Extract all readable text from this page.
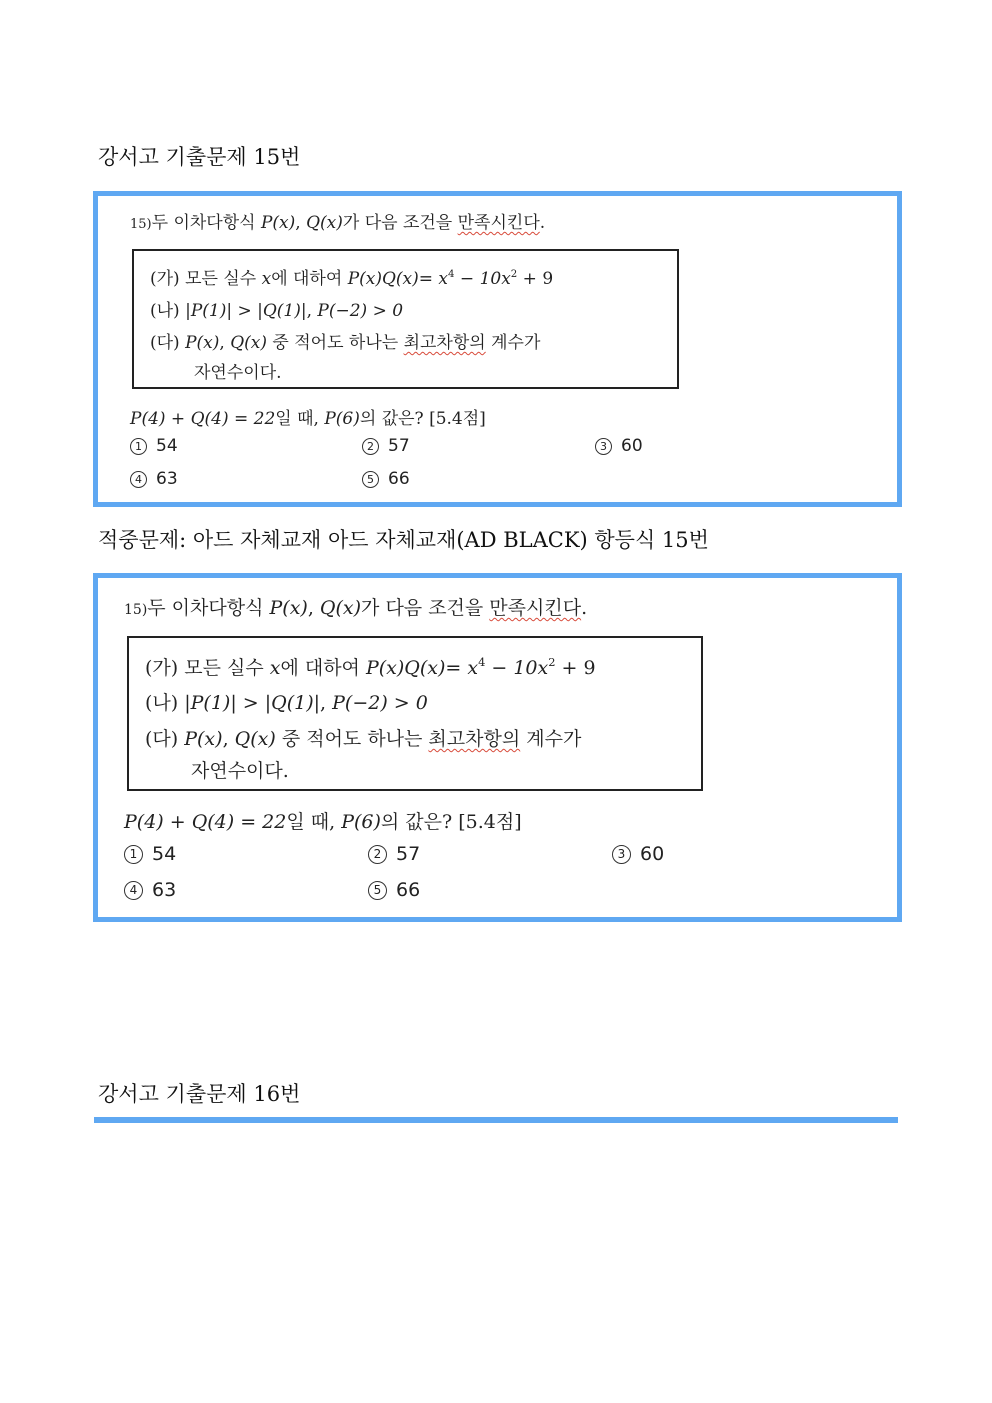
강서고 기출문제 15번
15)두 이차다항식 P(x), Q(x)가 다음 조건을 만족시킨다.
(가) 모든 실수 x에 대하여 $P(x)Q(x)= x^4 - 10x^2 + 9$
(나) |P(1)| > |Q(1)|, P(−2) > 0
(다) P(x), Q(x) 중 적어도 하나는 최고차항의 계수가
자연수이다.
P(4) + Q(4) = 22일 때, P(6)의 값은? [5.4점]
1 54	2 57	3 60
4 63	5 66
적중문제: 아드 자체교재 아드 자체교재(AD BLACK) 항등식 15번
15)두 이차다항식 P(x), Q(x)가 다음 조건을 만족시킨다.
(가) 모든 실수 x에 대하여 $P(x)Q(x)= x^4 - 10x^2 + 9$
(나) |P(1)| > |Q(1)|, P(−2) > 0
(다) P(x), Q(x) 중 적어도 하나는 최고차항의 계수가
자연수이다.
P(4) + Q(4) = 22일 때, P(6)의 값은? [5.4점]
1 54	2 57	3 60
4 63	5 66
강서고 기출문제 16번
